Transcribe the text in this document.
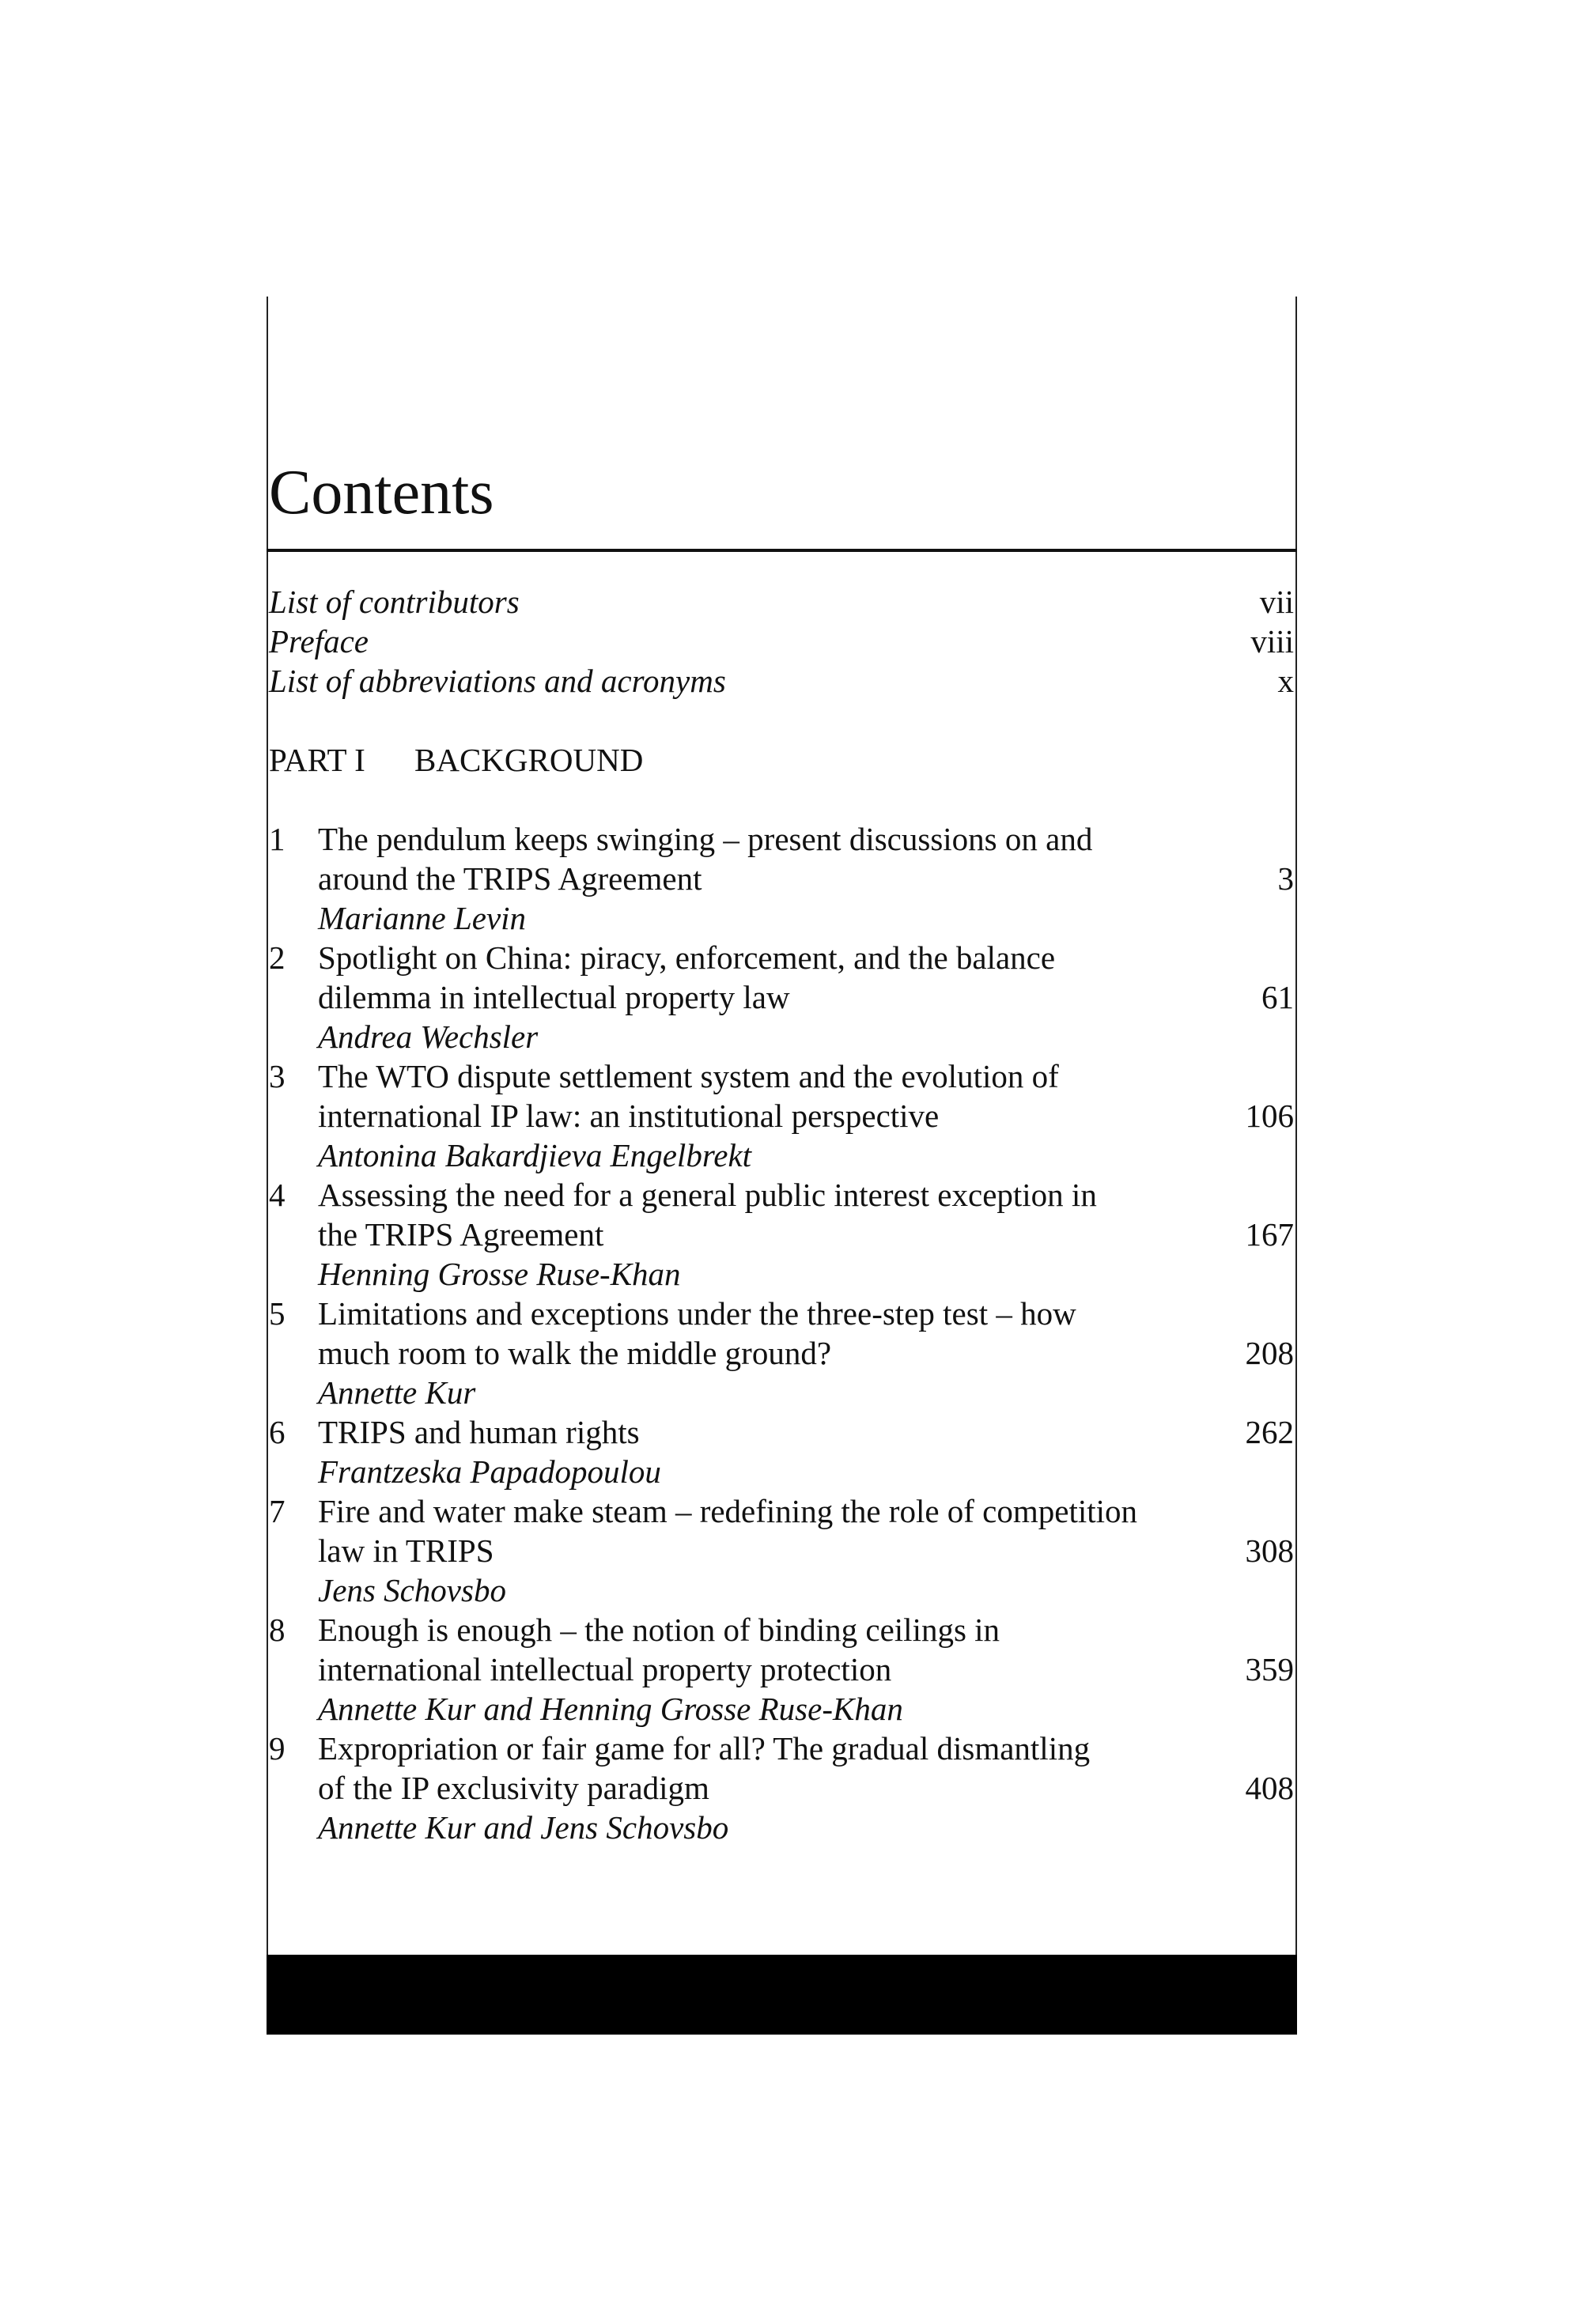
Contents
List of contributors	vii
Preface	viii
List of abbreviations and acronyms	x
PART I	BACKGROUND
1	The pendulum keeps swinging – present discussions on and
around the TRIPS Agreement	3
Marianne Levin
2	Spotlight on China: piracy, enforcement, and the balance
dilemma in intellectual property law	61
Andrea Wechsler
3	The WTO dispute settlement system and the evolution of
international IP law: an institutional perspective	106
Antonina Bakardjieva Engelbrekt
4	Assessing the need for a general public interest exception in
the TRIPS Agreement	167
Henning Grosse Ruse-Khan
5	Limitations and exceptions under the three-step test – how
much room to walk the middle ground?	208
Annette Kur
6	TRIPS and human rights	262
Frantzeska Papadopoulou
7	Fire and water make steam – redefining the role of competition
law in TRIPS	308
Jens Schovsbo
8	Enough is enough – the notion of binding ceilings in
international intellectual property protection	359
Annette Kur and Henning Grosse Ruse-Khan
9	Expropriation or fair game for all? The gradual dismantling
of the IP exclusivity paradigm	408
Annette Kur and Jens Schovsbo
